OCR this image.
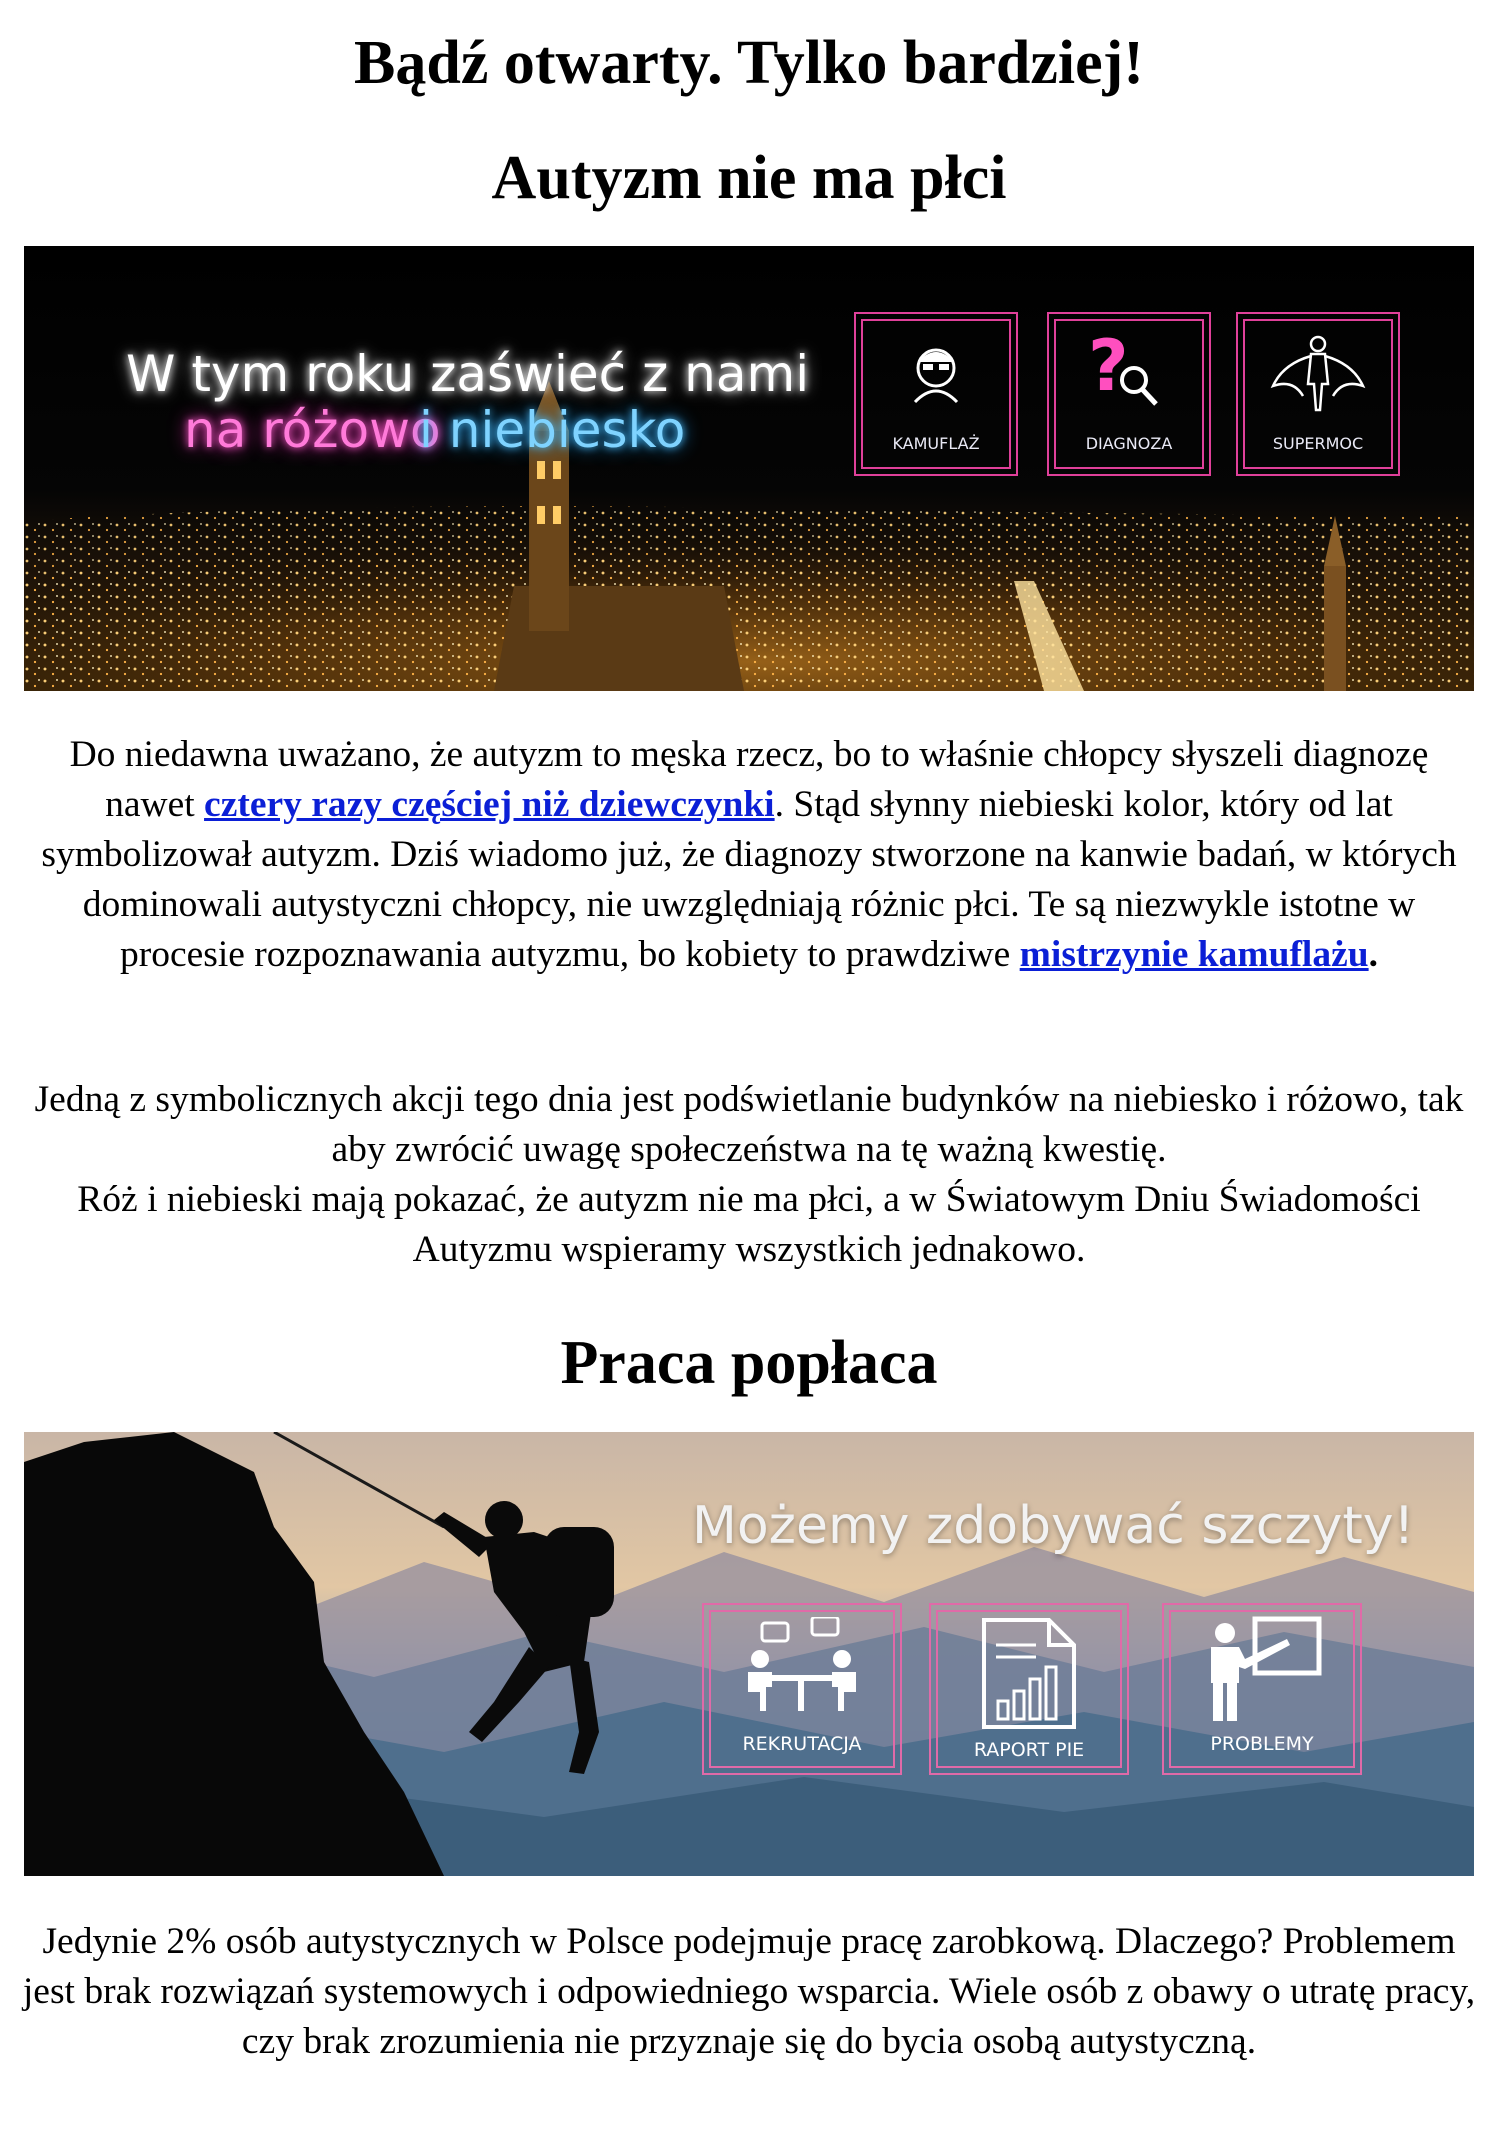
Bądź otwarty. Tylko bardziej!
Autyzm nie ma płci
W tym roku zaświeć z nami
na różowo
i niebiesko	KAMUFLAŻ
?
DIAGNOZA	SUPERMOC

Do niedawna uważano, że autyzm to męska rzecz, bo to właśnie chłopcy słyszeli diagnozę nawet cztery razy częściej niż dziewczynki. Stąd słynny niebieski kolor, który od lat symbolizował autyzm. Dziś wiadomo już, że diagnozy stworzone na kanwie badań, w których dominowali autystyczni chłopcy, nie uwzględniają różnic płci. Te są niezwykle istotne w procesie rozpoznawania autyzmu, bo kobiety to prawdziwe mistrzynie kamuflażu.

Jedną z symbolicznych akcji tego dnia jest podświetlanie budynków na niebiesko i różowo, tak aby zwrócić uwagę społeczeństwa na tę ważną kwestię.
Róż i niebieski mają pokazać, że autyzm nie ma płci, a w Światowym Dniu Świadomości Autyzmu wspieramy wszystkich jednakowo.

Praca popłaca
Możemy zdobywać szczyty!
REKRUTACJA	RAPORT PIE	PROBLEMY

Jedynie 2% osób autystycznych w Polsce podejmuje pracę zarobkową. Dlaczego? Problemem jest brak rozwiązań systemowych i odpowiedniego wsparcia. Wiele osób z obawy o utratę pracy, czy brak zrozumienia nie przyznaje się do bycia osobą autystyczną.
